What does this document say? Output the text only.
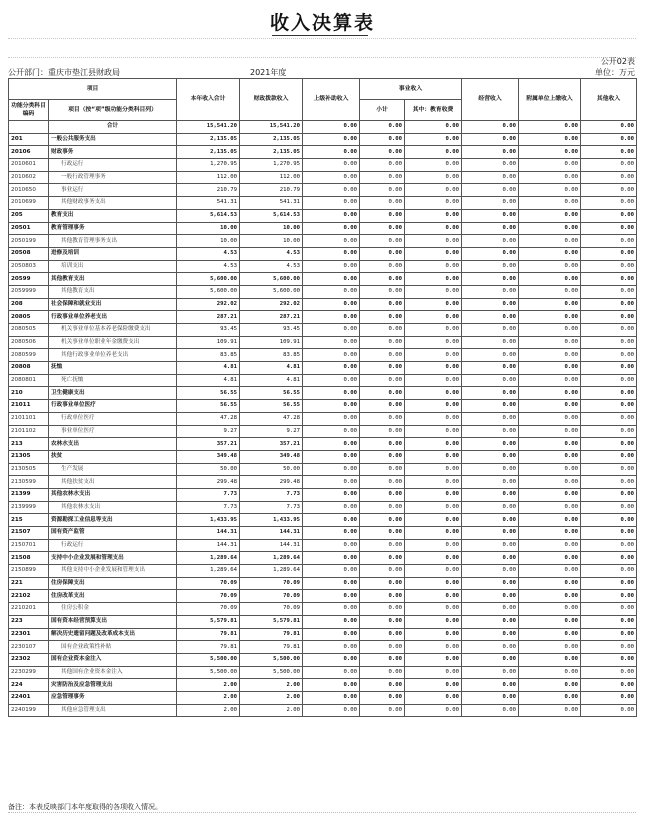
收入决算表
公开02表
公开部门：重庆市垫江县财政局	2021年度	单位：万元
项目		本年收入合计	财政拨款收入	上级补助收入	事业收入		经营收入	附属单位上缴收入	其他收入
功能分类科目编码	项目（按“项”级功能分类科目列）				小计	其中：教育收费			

	合计	15,541.20	15,541.20	0.00	0.00	0.00	0.00	0.00	0.00
201	一般公共服务支出	2,135.05	2,135.05	0.00	0.00	0.00	0.00	0.00	0.00
20106	财政事务	2,135.05	2,135.05	0.00	0.00	0.00	0.00	0.00	0.00
2010601	行政运行	1,270.95	1,270.95	0.00	0.00	0.00	0.00	0.00	0.00
2010602	一般行政管理事务	112.00	112.00	0.00	0.00	0.00	0.00	0.00	0.00
2010650	事业运行	210.79	210.79	0.00	0.00	0.00	0.00	0.00	0.00
2010699	其他财政事务支出	541.31	541.31	0.00	0.00	0.00	0.00	0.00	0.00
205	教育支出	5,614.53	5,614.53	0.00	0.00	0.00	0.00	0.00	0.00
20501	教育管理事务	10.00	10.00	0.00	0.00	0.00	0.00	0.00	0.00
2050199	其他教育管理事务支出	10.00	10.00	0.00	0.00	0.00	0.00	0.00	0.00
20508	进修及培训	4.53	4.53	0.00	0.00	0.00	0.00	0.00	0.00
2050803	培训支出	4.53	4.53	0.00	0.00	0.00	0.00	0.00	0.00
20599	其他教育支出	5,600.00	5,600.00	0.00	0.00	0.00	0.00	0.00	0.00
2059999	其他教育支出	5,600.00	5,600.00	0.00	0.00	0.00	0.00	0.00	0.00
208	社会保障和就业支出	292.02	292.02	0.00	0.00	0.00	0.00	0.00	0.00
20805	行政事业单位养老支出	287.21	287.21	0.00	0.00	0.00	0.00	0.00	0.00
2080505	机关事业单位基本养老保险缴费支出	93.45	93.45	0.00	0.00	0.00	0.00	0.00	0.00
2080506	机关事业单位职业年金缴费支出	109.91	109.91	0.00	0.00	0.00	0.00	0.00	0.00
2080599	其他行政事业单位养老支出	83.85	83.85	0.00	0.00	0.00	0.00	0.00	0.00
20808	抚恤	4.81	4.81	0.00	0.00	0.00	0.00	0.00	0.00
2080801	死亡抚恤	4.81	4.81	0.00	0.00	0.00	0.00	0.00	0.00
210	卫生健康支出	56.55	56.55	0.00	0.00	0.00	0.00	0.00	0.00
21011	行政事业单位医疗	56.55	56.55	0.00	0.00	0.00	0.00	0.00	0.00
2101101	行政单位医疗	47.28	47.28	0.00	0.00	0.00	0.00	0.00	0.00
2101102	事业单位医疗	9.27	9.27	0.00	0.00	0.00	0.00	0.00	0.00
213	农林水支出	357.21	357.21	0.00	0.00	0.00	0.00	0.00	0.00
21305	扶贫	349.48	349.48	0.00	0.00	0.00	0.00	0.00	0.00
2130505	生产发展	50.00	50.00	0.00	0.00	0.00	0.00	0.00	0.00
2130599	其他扶贫支出	299.48	299.48	0.00	0.00	0.00	0.00	0.00	0.00
21399	其他农林水支出	7.73	7.73	0.00	0.00	0.00	0.00	0.00	0.00
2139999	其他农林水支出	7.73	7.73	0.00	0.00	0.00	0.00	0.00	0.00
215	资源勘探工业信息等支出	1,433.95	1,433.95	0.00	0.00	0.00	0.00	0.00	0.00
21507	国有资产监管	144.31	144.31	0.00	0.00	0.00	0.00	0.00	0.00
2150701	行政运行	144.31	144.31	0.00	0.00	0.00	0.00	0.00	0.00
21508	支持中小企业发展和管理支出	1,289.64	1,289.64	0.00	0.00	0.00	0.00	0.00	0.00
2150899	其他支持中小企业发展和管理支出	1,289.64	1,289.64	0.00	0.00	0.00	0.00	0.00	0.00
221	住房保障支出	70.09	70.09	0.00	0.00	0.00	0.00	0.00	0.00
22102	住房改革支出	70.09	70.09	0.00	0.00	0.00	0.00	0.00	0.00
2210201	住房公积金	70.09	70.09	0.00	0.00	0.00	0.00	0.00	0.00
223	国有资本经营预算支出	5,579.81	5,579.81	0.00	0.00	0.00	0.00	0.00	0.00
22301	解决历史遗留问题及改革成本支出	79.81	79.81	0.00	0.00	0.00	0.00	0.00	0.00
2230107	国有企业政策性补贴	79.81	79.81	0.00	0.00	0.00	0.00	0.00	0.00
22302	国有企业资本金注入	5,500.00	5,500.00	0.00	0.00	0.00	0.00	0.00	0.00
2230299	其他国有企业资本金注入	5,500.00	5,500.00	0.00	0.00	0.00	0.00	0.00	0.00
224	灾害防治及应急管理支出	2.00	2.00	0.00	0.00	0.00	0.00	0.00	0.00
22401	应急管理事务	2.00	2.00	0.00	0.00	0.00	0.00	0.00	0.00
2240199	其他应急管理支出	2.00	2.00	0.00	0.00	0.00	0.00	0.00	0.00
备注：本表反映部门本年度取得的各项收入情况。
